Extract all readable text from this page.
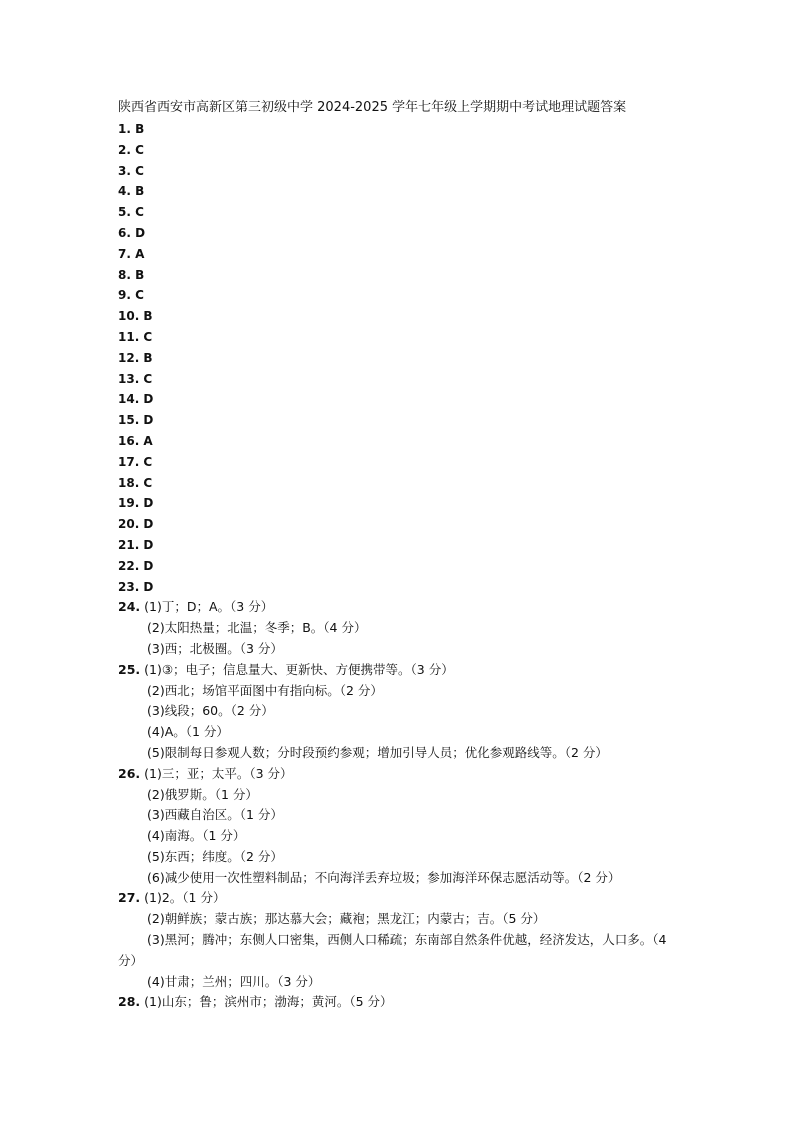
陕西省西安市高新区第三初级中学 2024-2025 学年七年级上学期期中考试地理试题答案
1. B
2. C
3. C
4. B
5. C
6. D
7. A
8. B
9. C
10. B
11. C
12. B
13. C
14. D
15. D
16. A
17. C
18. C
19. D
20. D
21. D
22. D
23. D
24. (1)丁；D；A。（3 分）
(2)太阳热量；北温；冬季；B。（4 分）
(3)西；北极圈。（3 分）
25. (1)③；电子；信息量大、更新快、方便携带等。（3 分）
(2)西北；场馆平面图中有指向标。（2 分）
(3)线段；60。（2 分）
(4)A。（1 分）
(5)限制每日参观人数；分时段预约参观；增加引导人员；优化参观路线等。（2 分）
26. (1)三；亚；太平。（3 分）
(2)俄罗斯。（1 分）
(3)西藏自治区。（1 分）
(4)南海。（1 分）
(5)东西；纬度。（2 分）
(6)减少使用一次性塑料制品；不向海洋丢弃垃圾；参加海洋环保志愿活动等。（2 分）
27. (1)2。（1 分）
(2)朝鲜族；蒙古族；那达慕大会；藏袍；黑龙江；内蒙古；吉。（5 分）
(3)黑河；腾冲；东侧人口密集，西侧人口稀疏；东南部自然条件优越，经济发达，人口多。（4 分）
(4)甘肃；兰州；四川。（3 分）
28. (1)山东；鲁；滨州市；渤海；黄河。（5 分）
